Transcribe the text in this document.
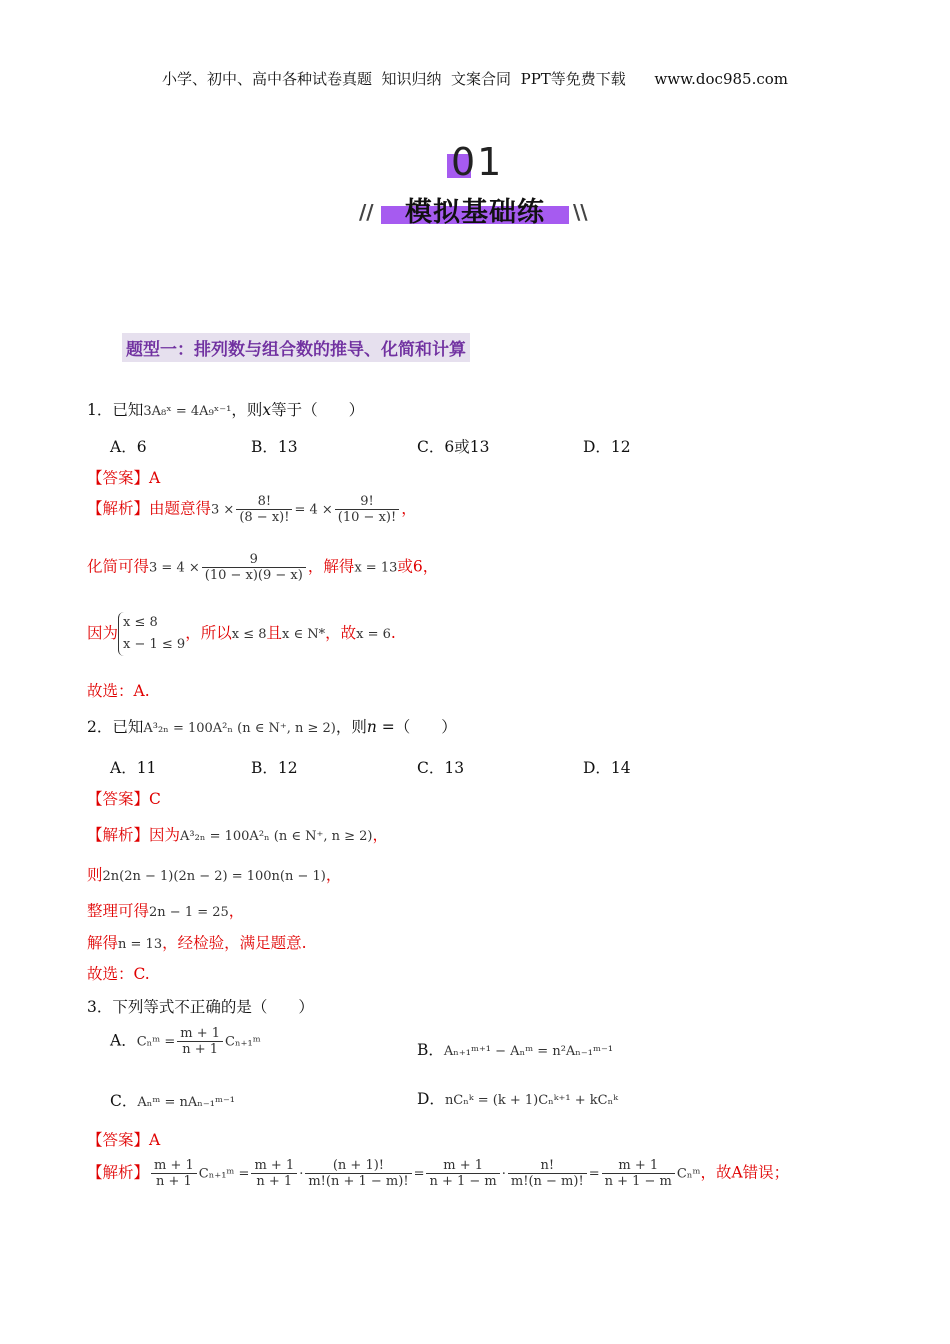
小学、初中、高中各种试卷真题  知识归纳  文案合同  PPT等免费下载 www.doc985.com
01
模拟基础练
//	\\
题型一：排列数与组合数的推导、化简和计算
1．已知3A₈ˣ = 4A₉ˣ⁻¹，则x等于（　　）
A．6	B．13	C．6或13	D．12
【答案】A
【解析】由题意得$3 \times \frac{8!}{(8 - x)!} = 4 \times \frac{9!}{(10 - x)!}$ ，
化简可得$3 = 4 \times \frac{9}{(10 - x)(9 - x)}$ ，解得x = 13或6，
因为x ≤ 8
x − 1 ≤ 9，所以x ≤ 8且x ∈ N*，故x = 6.
故选：A.
2．已知A³₂ₙ = 100A²ₙ (n ∈ N⁺, n ≥ 2)，则n =（　　）
A．11	B．12	C．13	D．14
【答案】C
【解析】因为A³₂ₙ = 100A²ₙ (n ∈ N⁺, n ≥ 2)，
则2n(2n − 1)(2n − 2) = 100n(n − 1)，
整理可得2n − 1 = 25，
解得n = 13，经检验，满足题意.
故选：C.
3．下列等式不正确的是（　　）
A．Cₙᵐ = $\frac{m + 1}{n + 1}$ Cₙ₊₁ᵐ	B．Aₙ₊₁ᵐ⁺¹ − Aₙᵐ = n²Aₙ₋₁ᵐ⁻¹
C．Aₙᵐ = nAₙ₋₁ᵐ⁻¹	D．nCₙᵏ = (k + 1)Cₙᵏ⁺¹ + kCₙᵏ
【答案】A
【解析】 $\frac{m + 1}{n + 1}$ Cₙ₊₁ᵐ = $\frac{m + 1}{n + 1} \cdot \frac{(n + 1)!}{m!(n + 1 - m)!} = \frac{m + 1}{n + 1 - m} \cdot \frac{n!}{m!(n - m)!} = \frac{m + 1}{n + 1 - m}$ Cₙᵐ，故A错误；
